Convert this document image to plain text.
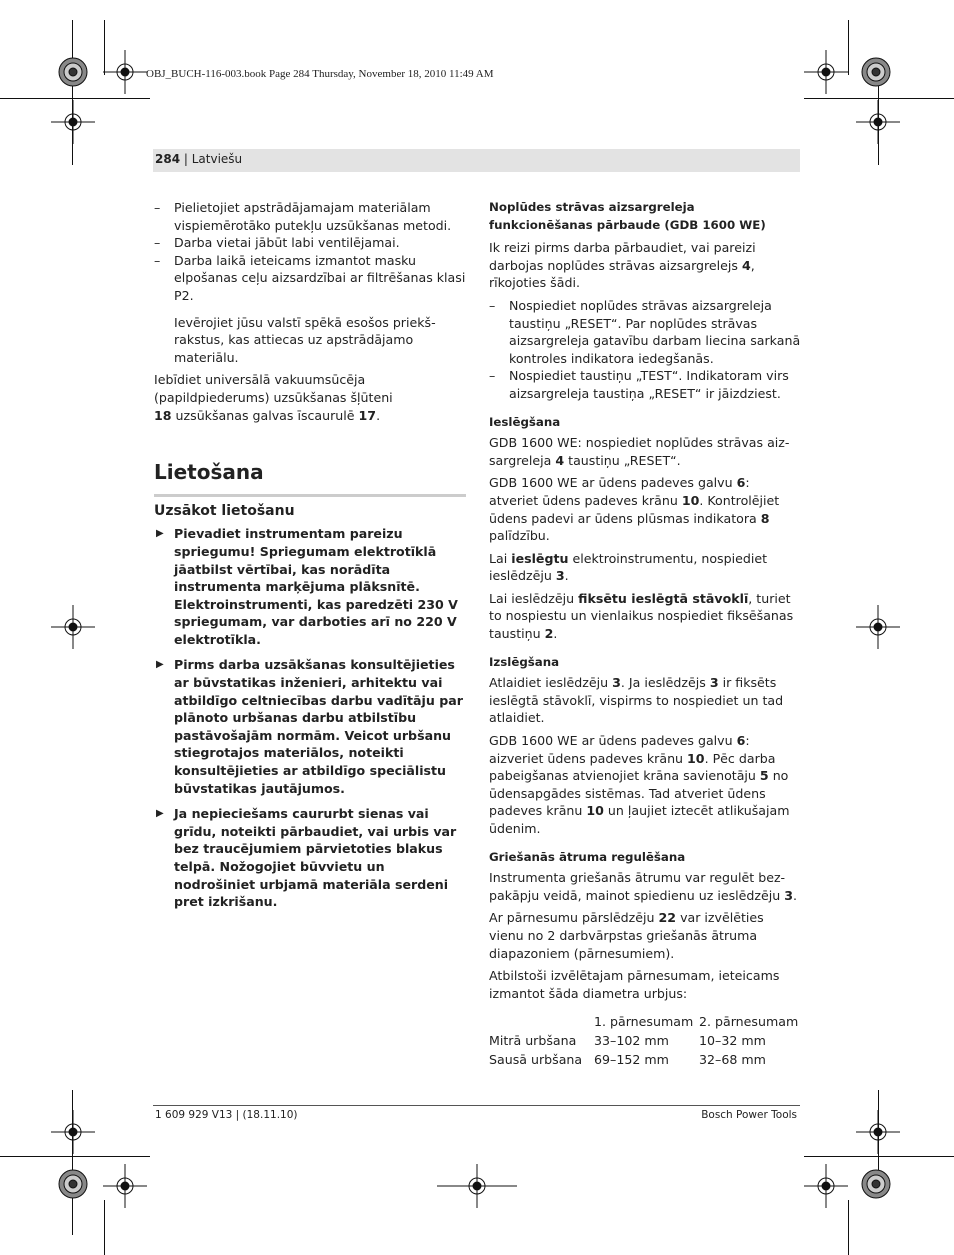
OBJ_BUCH-116-003.book Page 284 Thursday, November 18, 2010 11:49 AM
284 | Latviešu

– Pielietojiet apstrādājamajam materiālam vispiemērotāko putekļu uzsūkšanas metodi.

– Darba vietai jābūt labi ventilējamai.

– Darba laikā ieteicams izmantot masku elpošanas ceļu aizsardzībai ar filtrēšanas klasi P2.

Ievērojiet jūsu valstī spēkā esošos priekš-rakstus, kas attiecas uz apstrādājamo materiālu.

Iebīdiet universālā vakuumsūcēja (papildpiederums) uzsūkšanas šļūteni
18 uzsūkšanas galvas īscaurulē 17.

Lietošana
Uzsākot lietošanu

▶ Pievadiet instrumentam pareizu spriegumu! Spriegumam elektrotīklā jāatbilst vērtībai, kas norādīta instrumenta marķējuma plāksnītē. Elektroinstrumenti, kas paredzēti 230 V spriegumam, var darboties arī no 220 V elektrotīkla.

▶ Pirms darba uzsākšanas konsultējieties ar būvstatikas inženieri, arhitektu vai atbildīgo celtniecības darbu vadītāju par plānoto urbšanas darbu atbilstību pastāvošajām normām. Veicot urbšanu stiegrotajos materiālos, noteikti konsultējieties ar atbildīgo speciālistu būvstatikas jautājumos.

▶ Ja nepieciešams caururbt sienas vai grīdu, noteikti pārbaudiet, vai urbis var bez traucējumiem pārvietoties blakus telpā. Nožogojiet būvvietu un nodrošiniet urbjamā materiāla serdeni pret izkrišanu.

Noplūdes strāvas aizsargreleja funkcionēšanas pārbaude (GDB 1600 WE)

Ik reizi pirms darba pārbaudiet, vai pareizi darbojas noplūdes strāvas aizsargreleјs 4, rīkojoties šādi.

– Nospiediet noplūdes strāvas aizsargreleja taustiņu „RESET“. Par noplūdes strāvas aizsargreleja gatavību darbam liecina sarkanā kontroles indikatora iedegšanās.

– Nospiediet taustiņu „TEST“. Indikatoram virs aizsargreleja taustiņa „RESET“ ir jāizdziest.

Ieslēgšana

GDB 1600 WE: nospiediet noplūdes strāvas aiz-sargreleja 4 taustiņu „RESET“.

GDB 1600 WE ar ūdens padeves galvu 6: atveriet ūdens padeves krānu 10. Kontrolējiet ūdens padevi ar ūdens plūsmas indikatora 8 palīdzību.

Lai ieslēgtu elektroinstrumentu, nospiediet ieslēdzēju 3.

Lai ieslēdzēju fiksētu ieslēgtā stāvoklī, turiet to nospiestu un vienlaikus nospiediet fiksēšanas taustiņu 2.

Izslēgšana

Atlaidiet ieslēdzēju 3. Ja ieslēdzējs 3 ir fiksēts ieslēgtā stāvoklī, vispirms to nospiediet un tad atlaidiet.

GDB 1600 WE ar ūdens padeves galvu 6: aizveriet ūdens padeves krānu 10. Pēc darba pabeigšanas atvienojiet krāna savienotāju 5 no ūdensapgādes sistēmas. Tad atveriet ūdens padeves krānu 10 un ļaujiet iztecēt atlikušajam ūdenim.

Griešanās ātruma regulēšana

Instrumenta griešanās ātrumu var regulēt bez-pakāpju veidā, mainot spiedienu uz ieslēdzēju 3.

Ar pārnesumu pārslēdzēju 22 var izvēlēties vienu no 2 darbvārpstas griešanās ātruma diapazoniem (pārnesumiem).

Atbilstoši izvēlētajam pārnesumam, ieteicams izmantot šāda diametra urbjus:

	1. pārnesumam	2. pārnesumam
Mitrā urbšana	33–102 mm	10–32 mm
Sausā urbšana	69–152 mm	32–68 mm
1 609 929 V13 | (18.11.10)	Bosch Power Tools
